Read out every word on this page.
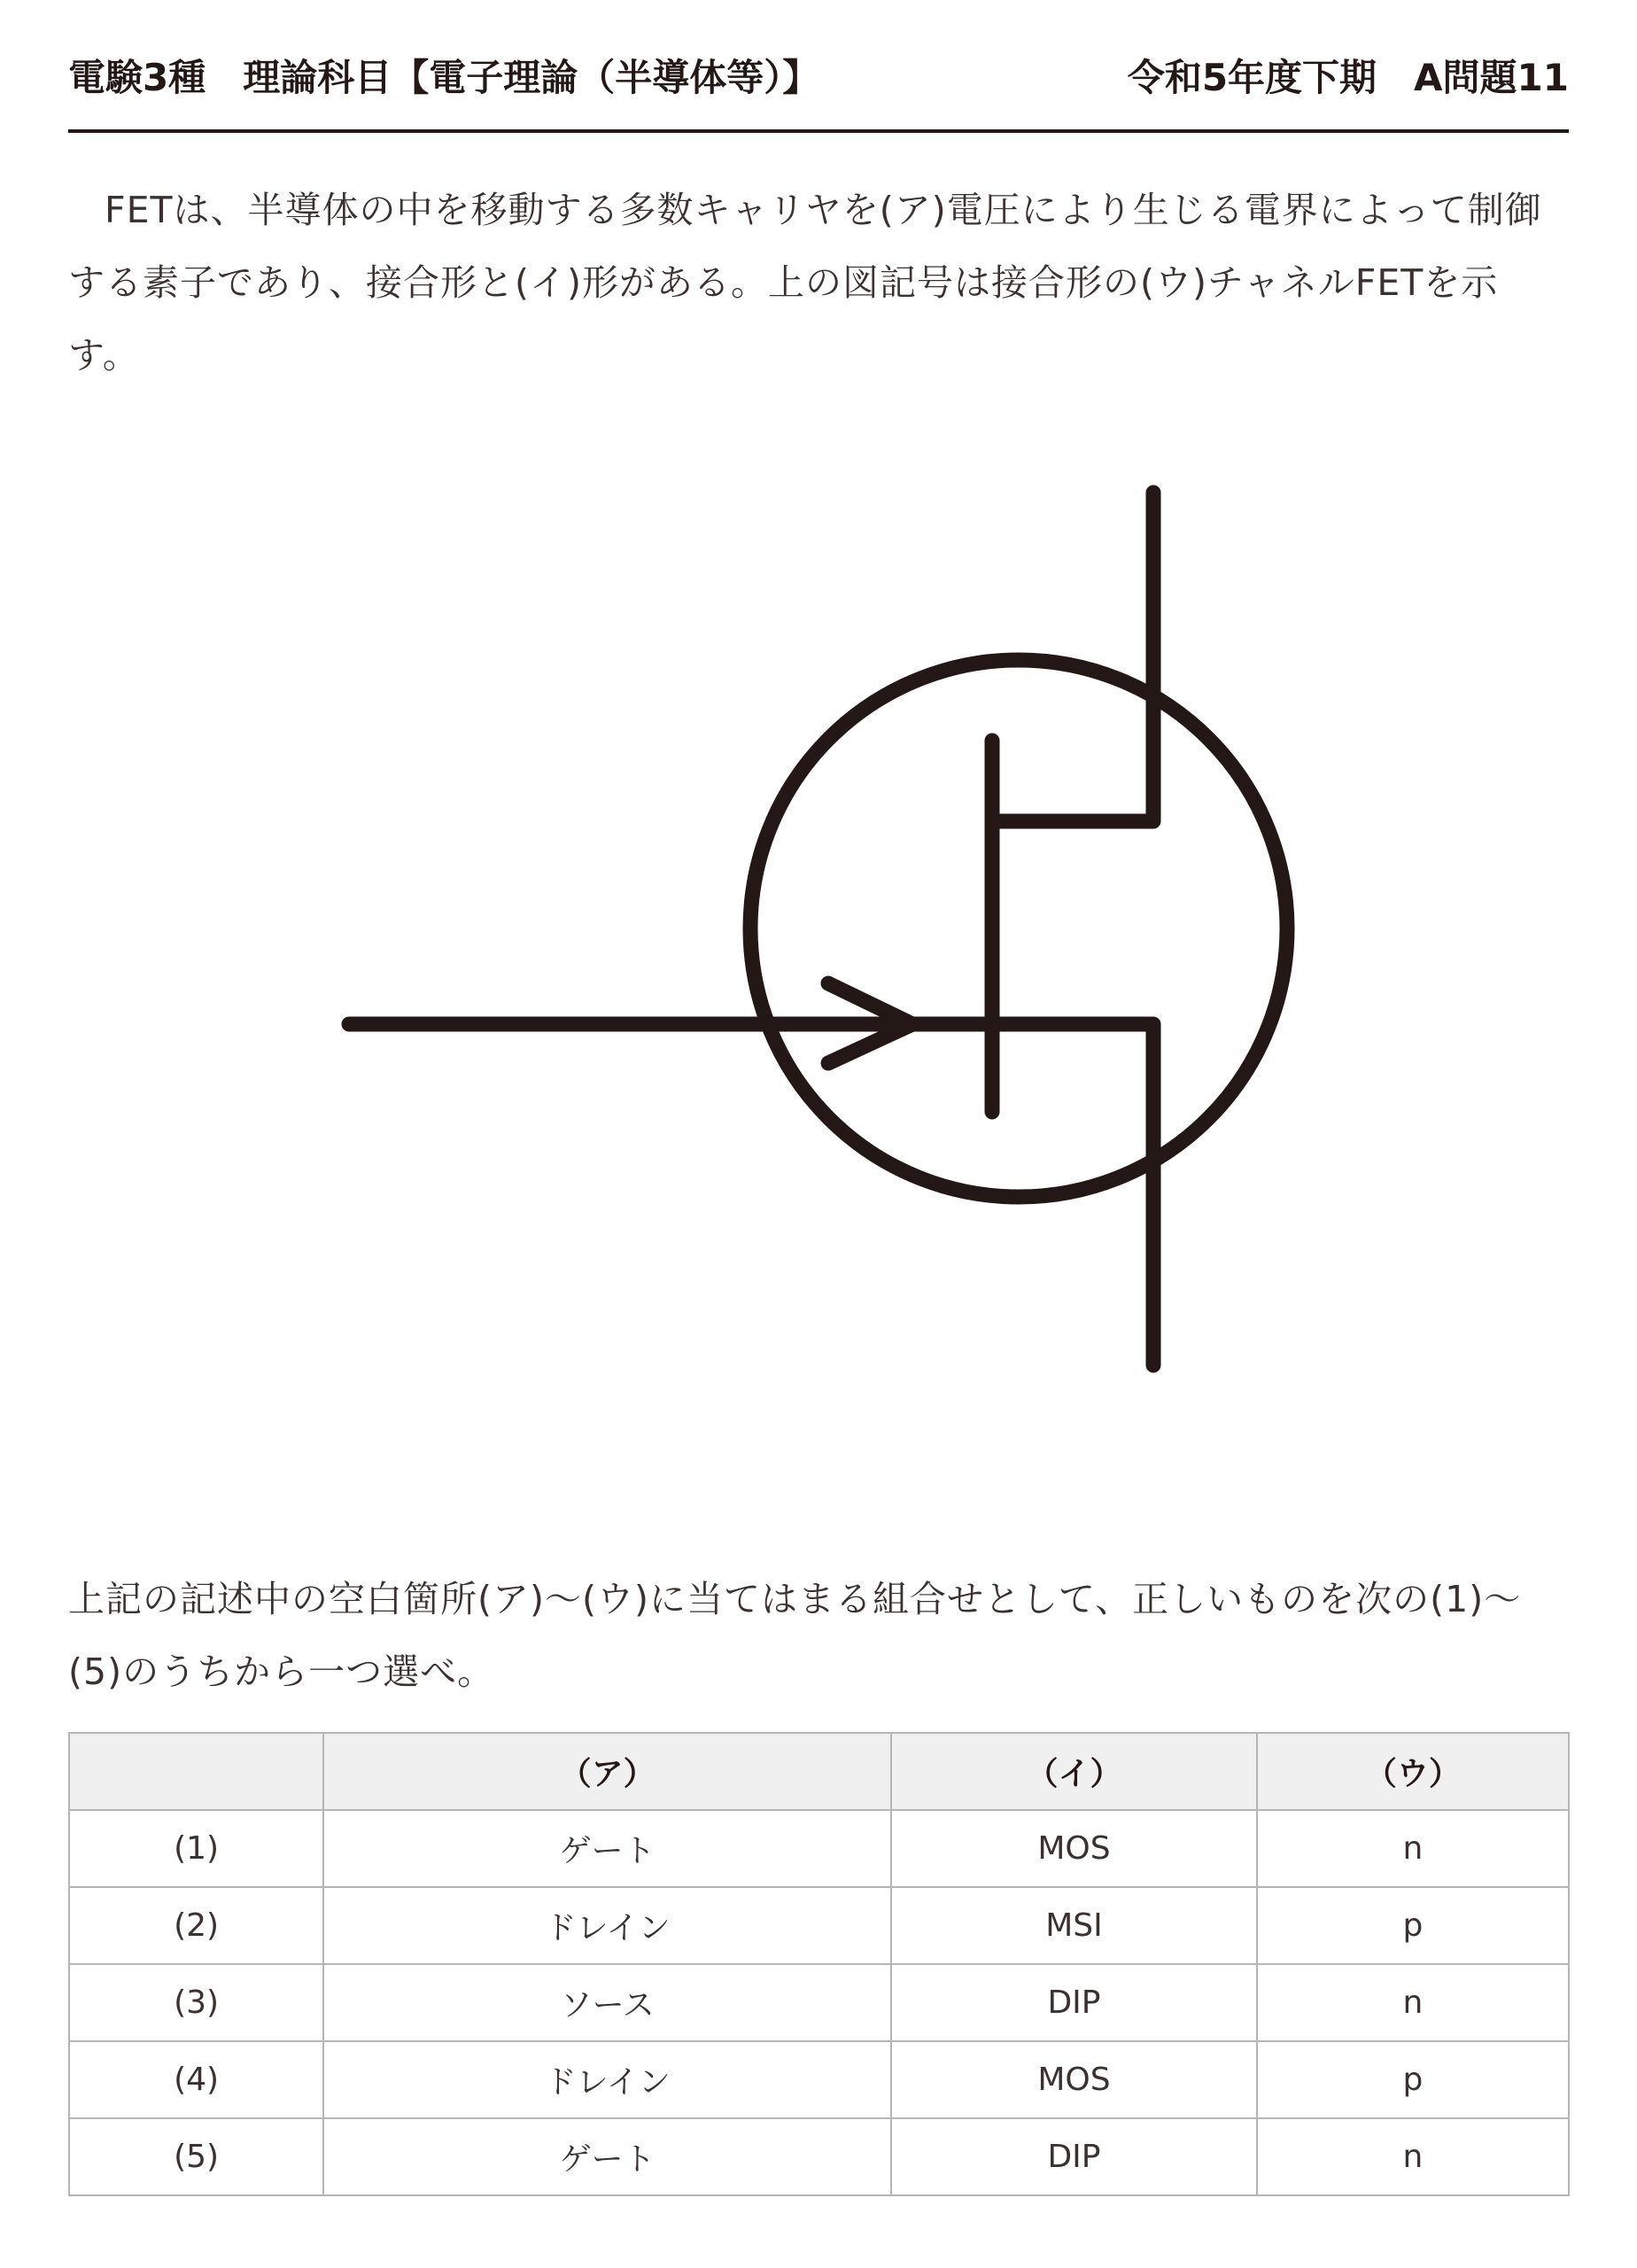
電験3種　理論科目【電子理論（半導体等）】	令和5年度下期　A問題11
FETは、半導体の中を移動する多数キャリヤを(ア)電圧により生じる電界によって制御する素子であり、接合形と(イ)形がある。上の図記号は接合形の(ウ)チャネルFETを示す。
上記の記述中の空白箇所(ア)〜(ウ)に当てはまる組合せとして、正しいものを次の(1)〜(5)のうちから一つ選べ。
	（ア）	（イ）	（ウ）
(1)	ゲート	MOS	n
(2)	ドレイン	MSI	p
(3)	ソース	DIP	n
(4)	ドレイン	MOS	p
(5)	ゲート	DIP	n
